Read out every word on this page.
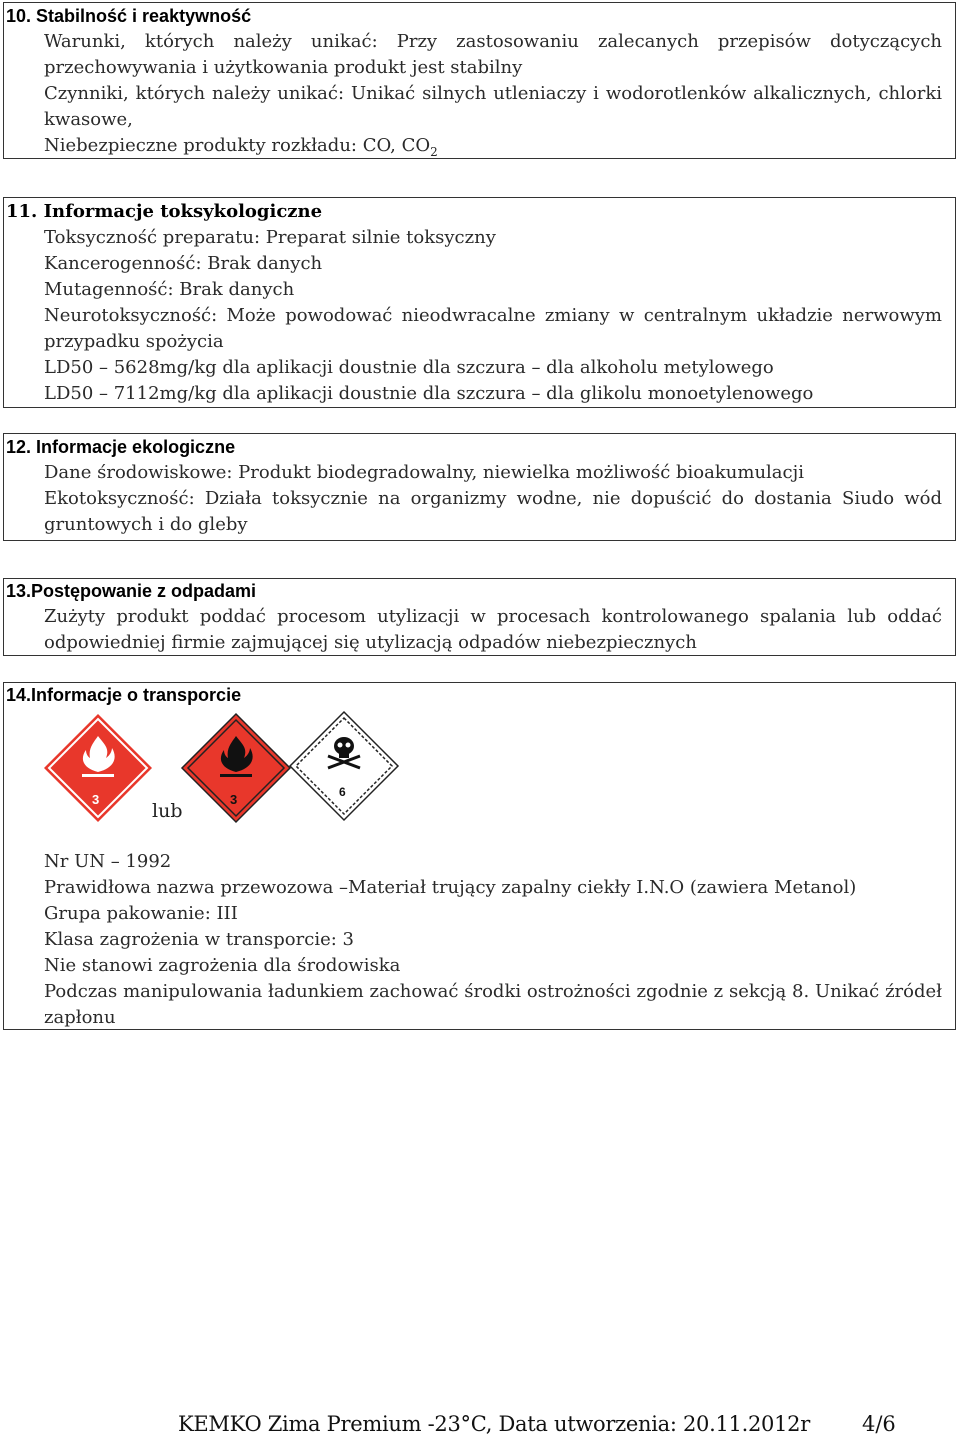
10. Stabilność i reaktywność
Warunki, których należy unikać: Przy zastosowaniu zalecanych przepisów dotyczących
przechowywania i użytkowania produkt jest stabilny
Czynniki, których należy unikać: Unikać silnych utleniaczy i wodorotlenków alkalicznych, chlorki
kwasowe,
Niebezpieczne produkty rozkładu: CO, $CO_2$
11. Informacje toksykologiczne
Toksyczność preparatu: Preparat silnie toksyczny
Kancerogenność: Brak danych
Mutagenność: Brak danych
Neurotoksyczność: Może powodować nieodwracalne zmiany w centralnym układzie nerwowym
przypadku spożycia
LD50 – 5628mg/kg dla aplikacji doustnie dla szczura – dla alkoholu metylowego
LD50 – 7112mg/kg dla aplikacji doustnie dla szczura – dla glikolu monoetylenowego
12. Informacje ekologiczne
Dane środowiskowe: Produkt biodegradowalny, niewielka możliwość bioakumulacji
Ekotoksyczność: Działa toksycznie na organizmy wodne, nie dopuścić do dostania Siudo wód
gruntowych i do gleby
13.Postępowanie z odpadami
Zużyty produkt poddać procesom utylizacji w procesach kontrolowanego spalania lub oddać
odpowiedniej firmie zajmującej się utylizacją odpadów niebezpiecznych
14.Informacje o transporcie
3	3	6
lub
Nr UN – 1992
Prawidłowa nazwa przewozowa –Materiał trujący zapalny ciekły I.N.O (zawiera Metanol)
Grupa pakowanie: III
Klasa zagrożenia w transporcie: 3
Nie stanowi zagrożenia dla środowiska
Podczas manipulowania ładunkiem zachować środki ostrożności zgodnie z sekcją 8. Unikać źródeł
zapłonu
KEMKO Zima Premium -23°C, Data utworzenia: 20.11.2012r 4/6
